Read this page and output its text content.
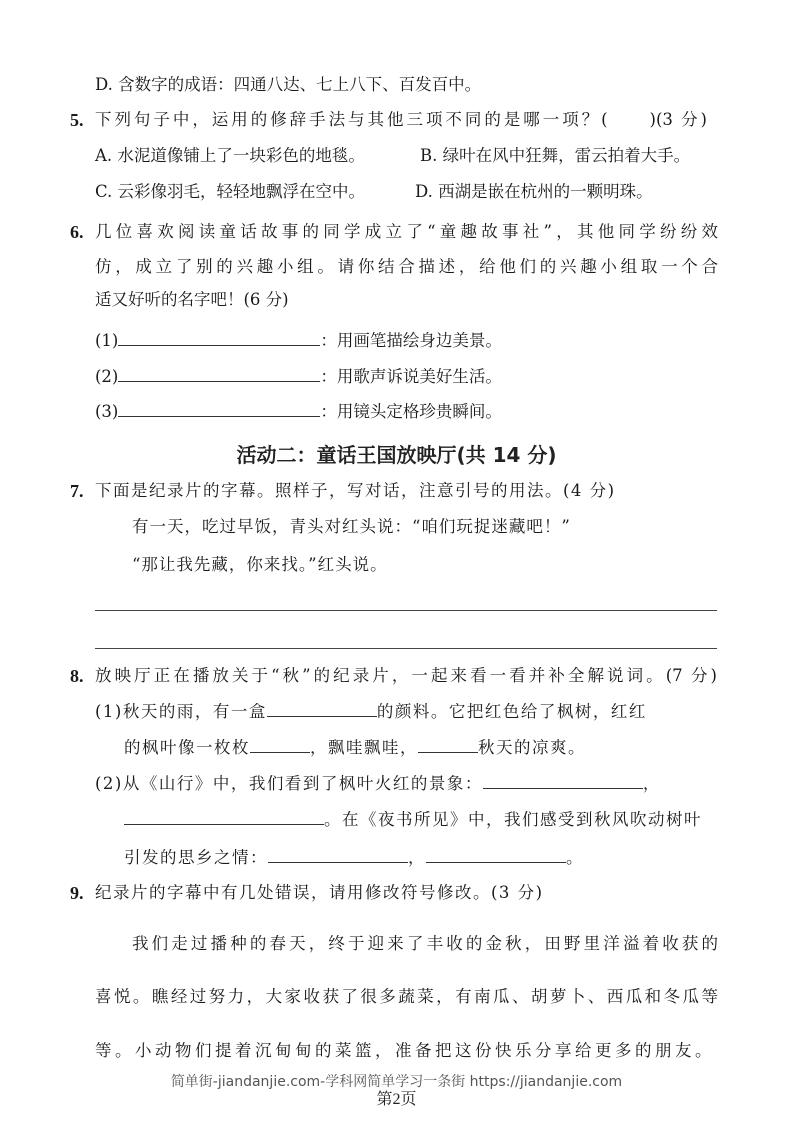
D. 含数字的成语：四通八达、七上八下、百发百中。
5. 下列句子中，运用的修辞手法与其他三项不同的是哪一项？(　　)(3 分)
A. 水泥道像铺上了一块彩色的地毯。	B. 绿叶在风中狂舞，雷云拍着大手。
C. 云彩像羽毛，轻轻地飘浮在空中。	D. 西湖是嵌在杭州的一颗明珠。
6. 几位喜欢阅读童话故事的同学成立了“童趣故事社”，其他同学纷纷效
仿，成立了别的兴趣小组。请你结合描述，给他们的兴趣小组取一个合
适又好听的名字吧！(6 分)
(1)	：用画笔描绘身边美景。
(2)	：用歌声诉说美好生活。
(3)	：用镜头定格珍贵瞬间。
活动二：童话王国放映厅(共 14 分)
7. 下面是纪录片的字幕。照样子，写对话，注意引号的用法。(4 分)
有一天，吃过早饭，青头对红头说：“咱们玩捉迷藏吧！”
“那让我先藏，你来找。”红头说。
8. 放映厅正在播放关于“秋”的纪录片，一起来看一看并补全解说词。(7 分)
(1)秋天的雨，有一盒	的颜料。它把红色给了枫树，红红
的枫叶像一枚枚	，飘哇飘哇，	秋天的凉爽。
(2)从《山行》中，我们看到了枫叶火红的景象：	，
。在《夜书所见》中，我们感受到秋风吹动树叶
引发的思乡之情：	，	。
9. 纪录片的字幕中有几处错误，请用修改符号修改。(3 分)
我们走过播种的春天，终于迎来了丰收的金秋，田野里洋溢着收获的
喜悦。瞧经过努力，大家收获了很多蔬菜，有南瓜、胡萝卜、西瓜和冬瓜等
等。小动物们提着沉甸甸的菜篮，准备把这份快乐分享给更多的朋友。
简单街-jiandanjie.com-学科网简单学习一条街 https://jiandanjie.com
第2页
